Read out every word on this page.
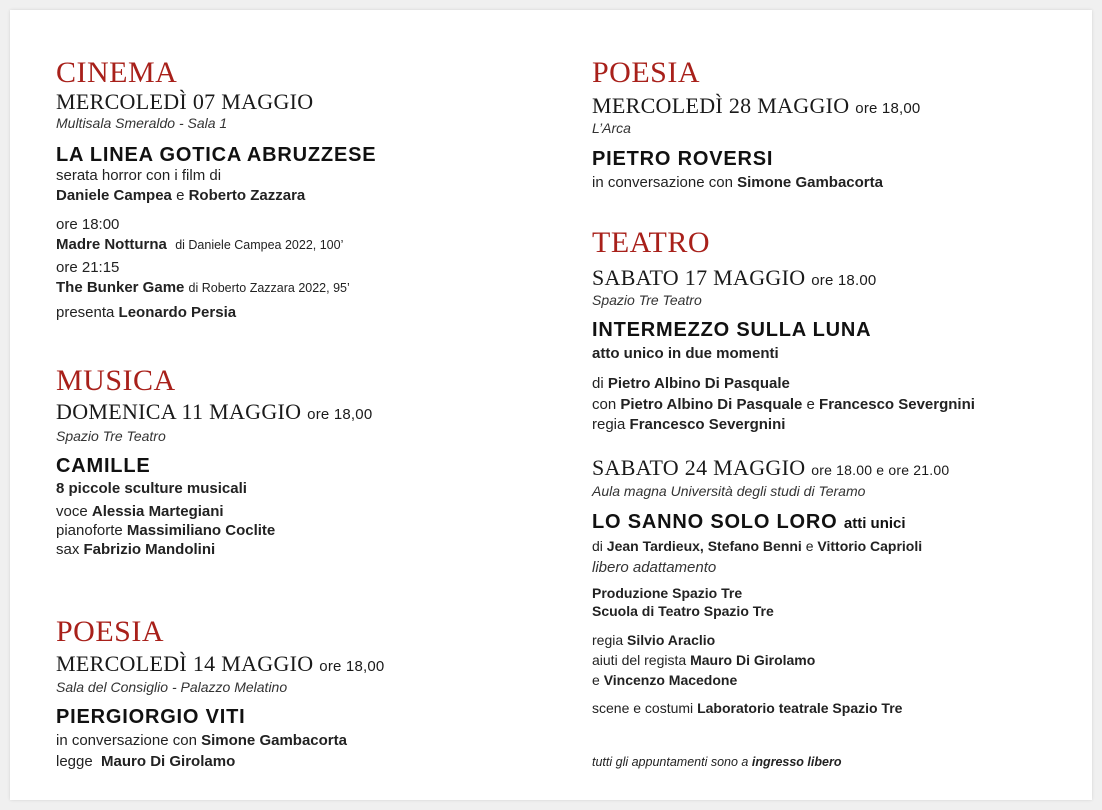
CINEMA
MERCOLEDÌ 07 MAGGIO
Multisala Smeraldo - Sala 1
LA LINEA GOTICA ABRUZZESE
serata horror con i film di
Daniele Campea e Roberto Zazzara
ore 18:00
Madre Notturna di Daniele Campea 2022, 100’
ore 21:15
The Bunker Game di Roberto Zazzara 2022, 95’
presenta Leonardo Persia
MUSICA
DOMENICA 11 MAGGIO ore 18,00
Spazio Tre Teatro
CAMILLE
8 piccole sculture musicali
voce Alessia Martegiani
pianoforte Massimiliano Coclite
sax Fabrizio Mandolini
POESIA
MERCOLEDÌ 14 MAGGIO ore 18,00
Sala del Consiglio - Palazzo Melatino
PIERGIORGIO VITI
in conversazione con Simone Gambacorta
legge Mauro Di Girolamo
POESIA
MERCOLEDÌ 28 MAGGIO ore 18,00
L’Arca
PIETRO ROVERSI
in conversazione con Simone Gambacorta
TEATRO
SABATO 17 MAGGIO ore 18.00
Spazio Tre Teatro
INTERMEZZO SULLA LUNA
atto unico in due momenti
di Pietro Albino Di Pasquale
con Pietro Albino Di Pasquale e Francesco Severgnini
regia Francesco Severgnini
SABATO 24 MAGGIO ore 18.00 e ore 21.00
Aula magna Università degli studi di Teramo
LO SANNO SOLO LORO atti unici
di Jean Tardieux, Stefano Benni e Vittorio Caprioli
libero adattamento
Produzione Spazio Tre
Scuola di Teatro Spazio Tre
regia Silvio Araclio
aiuti del regista Mauro Di Girolamo
e Vincenzo Macedone
scene e costumi Laboratorio teatrale Spazio Tre
tutti gli appuntamenti sono a ingresso libero
